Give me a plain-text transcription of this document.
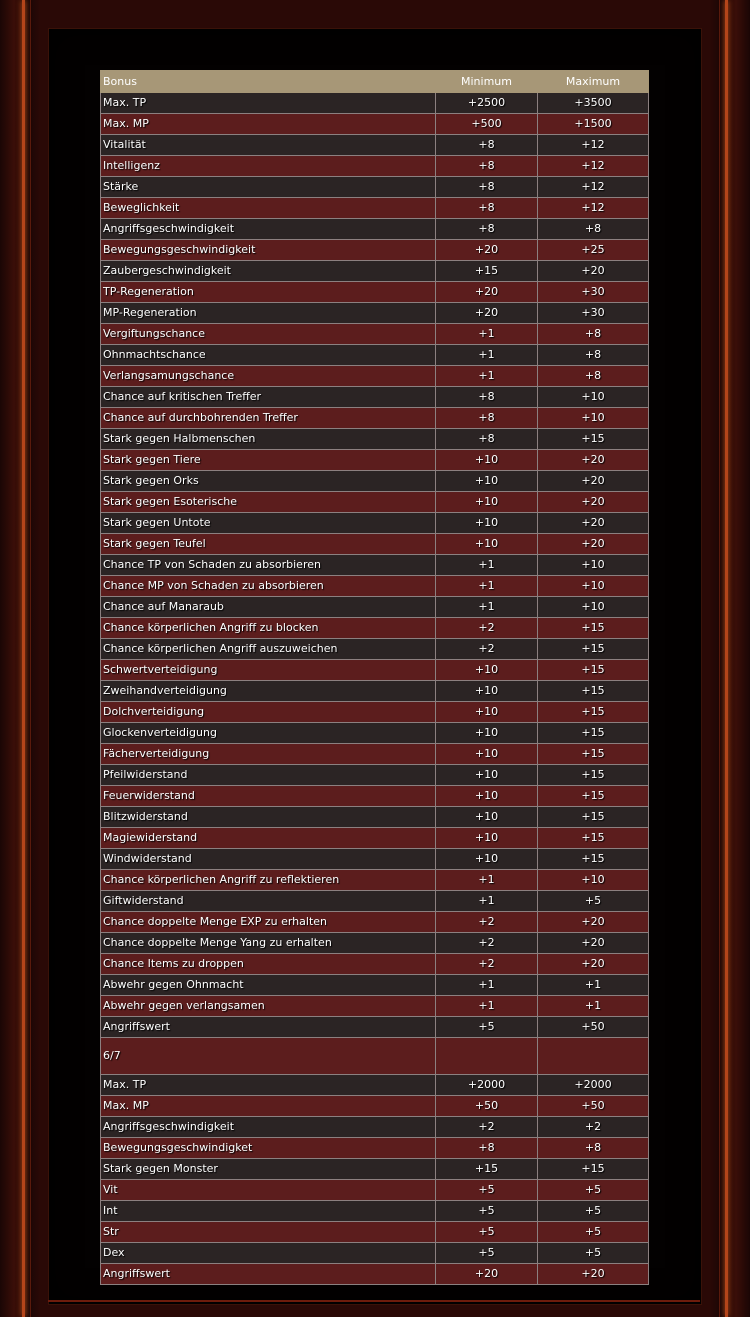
Bonus	Minimum	Maximum
Max. TP	+2500	+3500
Max. MP	+500	+1500
Vitalität	+8	+12
Intelligenz	+8	+12
Stärke	+8	+12
Beweglichkeit	+8	+12
Angriffsgeschwindigkeit	+8	+8
Bewegungsgeschwindigkeit	+20	+25
Zaubergeschwindigkeit	+15	+20
TP-Regeneration	+20	+30
MP-Regeneration	+20	+30
Vergiftungschance	+1	+8
Ohnmachtschance	+1	+8
Verlangsamungschance	+1	+8
Chance auf kritischen Treffer	+8	+10
Chance auf durchbohrenden Treffer	+8	+10
Stark gegen Halbmenschen	+8	+15
Stark gegen Tiere	+10	+20
Stark gegen Orks	+10	+20
Stark gegen Esoterische	+10	+20
Stark gegen Untote	+10	+20
Stark gegen Teufel	+10	+20
Chance TP von Schaden zu absorbieren	+1	+10
Chance MP von Schaden zu absorbieren	+1	+10
Chance auf Manaraub	+1	+10
Chance körperlichen Angriff zu blocken	+2	+15
Chance körperlichen Angriff auszuweichen	+2	+15
Schwertverteidigung	+10	+15
Zweihandverteidigung	+10	+15
Dolchverteidigung	+10	+15
Glockenverteidigung	+10	+15
Fächerverteidigung	+10	+15
Pfeilwiderstand	+10	+15
Feuerwiderstand	+10	+15
Blitzwiderstand	+10	+15
Magiewiderstand	+10	+15
Windwiderstand	+10	+15
Chance körperlichen Angriff zu reflektieren	+1	+10
Giftwiderstand	+1	+5
Chance doppelte Menge EXP zu erhalten	+2	+20
Chance doppelte Menge Yang zu erhalten	+2	+20
Chance Items zu droppen	+2	+20
Abwehr gegen Ohnmacht	+1	+1
Abwehr gegen verlangsamen	+1	+1
Angriffswert	+5	+50
6/7		
Max. TP	+2000	+2000
Max. MP	+50	+50
Angriffsgeschwindigkeit	+2	+2
Bewegungsgeschwindigket	+8	+8
Stark gegen Monster	+15	+15
Vit	+5	+5
Int	+5	+5
Str	+5	+5
Dex	+5	+5
Angriffswert	+20	+20
